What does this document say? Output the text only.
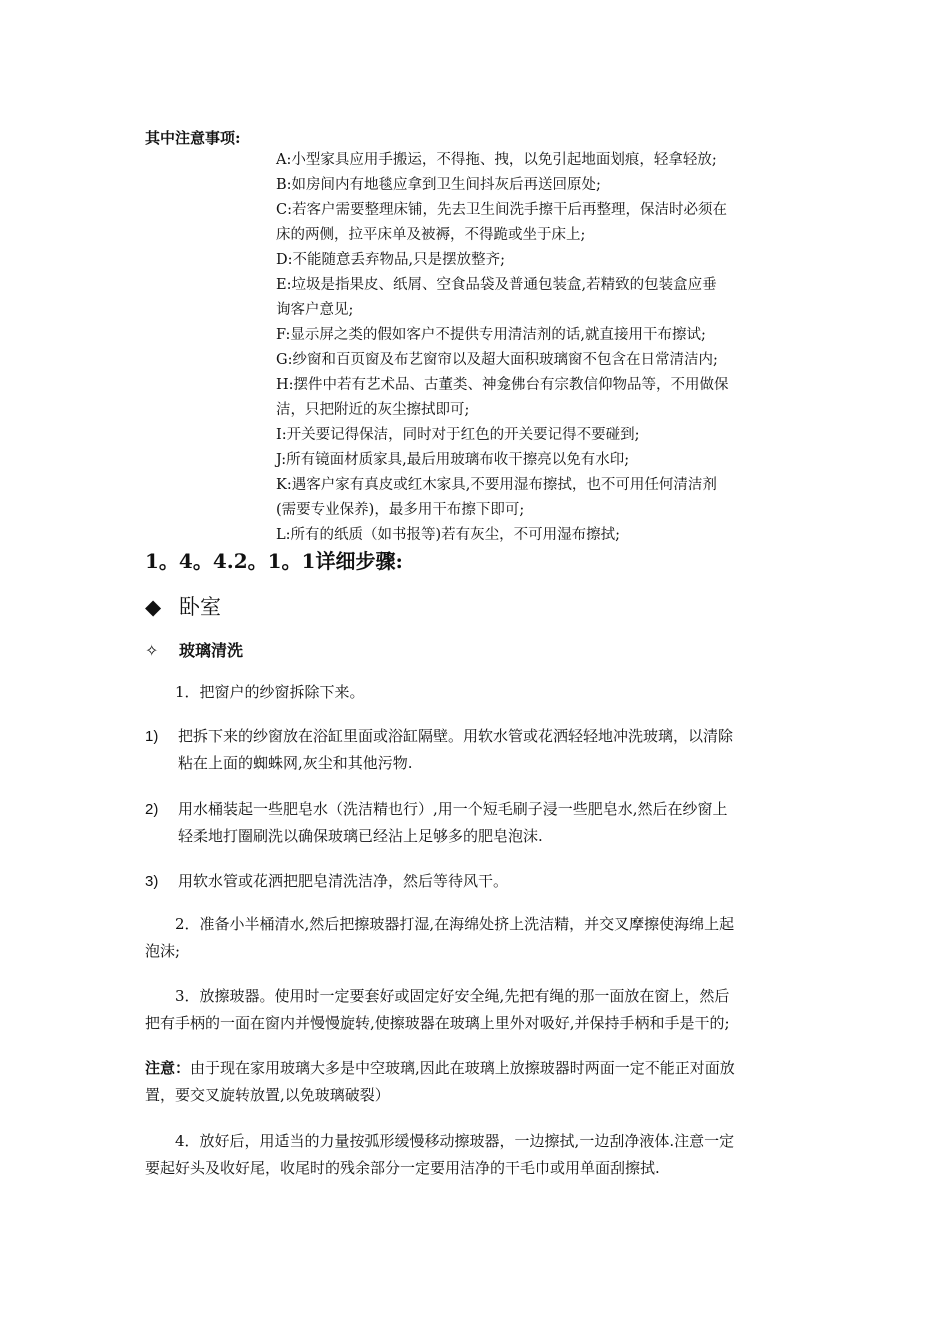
其中注意事项:
A:小型家具应用手搬运，不得拖、拽，以免引起地面划痕，轻拿轻放;
B:如房间内有地毯应拿到卫生间抖灰后再送回原处;
C:若客户需要整理床铺，先去卫生间洗手擦干后再整理，保洁时必须在
床的两侧，拉平床单及被褥，不得跪或坐于床上;
D:不能随意丢弃物品,只是摆放整齐;
E:垃圾是指果皮、纸屑、空食品袋及普通包装盒,若精致的包装盒应垂
询客户意见;
F:显示屏之类的假如客户不提供专用清洁剂的话,就直接用干布擦试;
G:纱窗和百页窗及布艺窗帘以及超大面积玻璃窗不包含在日常清洁内;
H:摆件中若有艺术品、古董类、神龛佛台有宗教信仰物品等，不用做保
洁，只把附近的灰尘擦拭即可;
I:开关要记得保洁，同时对于红色的开关要记得不要碰到;
J:所有镜面材质家具,最后用玻璃布收干擦亮以免有水印;
K:遇客户家有真皮或红木家具,不要用湿布擦拭，也不可用任何清洁剂
(需要专业保养)，最多用干布擦下即可;
L:所有的纸质（如书报等)若有灰尘，不可用湿布擦拭;
1。4。4.2。1。1详细步骤:
◆ 卧室
✧ 玻璃清洗
1．把窗户的纱窗拆除下来。
1) 把拆下来的纱窗放在浴缸里面或浴缸隔壁。用软水管或花洒轻轻地冲洗玻璃，以清除
粘在上面的蜘蛛网,灰尘和其他污物.
2) 用水桶装起一些肥皂水（洗洁精也行）,用一个短毛刷子浸一些肥皂水,然后在纱窗上
轻柔地打圈刷洗以确保玻璃已经沾上足够多的肥皂泡沫.
3) 用软水管或花洒把肥皂清洗洁净，然后等待风干。
2．准备小半桶清水,然后把擦玻器打湿,在海绵处挤上洗洁精，并交叉摩擦使海绵上起
泡沫;
3．放擦玻器。使用时一定要套好或固定好安全绳,先把有绳的那一面放在窗上，然后
把有手柄的一面在窗内并慢慢旋转,使擦玻器在玻璃上里外对吸好,并保持手柄和手是干的;
注意：由于现在家用玻璃大多是中空玻璃,因此在玻璃上放擦玻器时两面一定不能正对面放
置，要交叉旋转放置,以免玻璃破裂）
4．放好后，用适当的力量按弧形缓慢移动擦玻器，一边擦拭,一边刮净液体.注意一定
要起好头及收好尾，收尾时的残余部分一定要用洁净的干毛巾或用单面刮擦拭.
